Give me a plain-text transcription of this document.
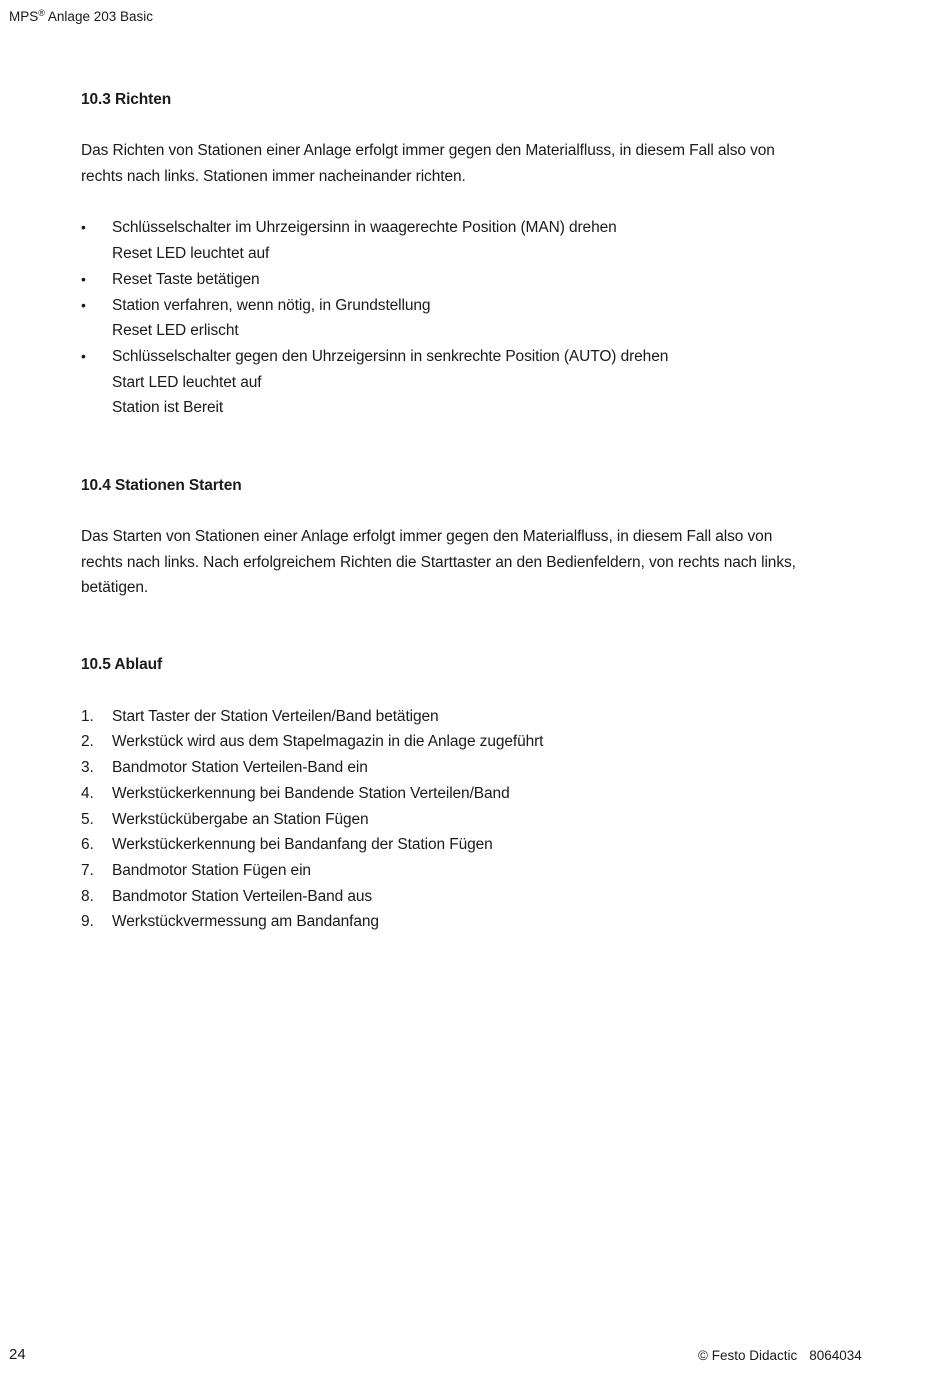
MPS® Anlage 203 Basic
10.3 Richten

Das Richten von Stationen einer Anlage erfolgt immer gegen den Materialfluss, in diesem Fall also von
rechts nach links. Stationen immer nacheinander richten.

•	Schlüsselschalter im Uhrzeigersinn in waagerechte Position (MAN) drehen
Reset LED leuchtet auf
•	Reset Taste betätigen
•	Station verfahren, wenn nötig, in Grundstellung
Reset LED erlischt
•	Schlüsselschalter gegen den Uhrzeigersinn in senkrechte Position (AUTO) drehen
Start LED leuchtet auf
Station ist Bereit
10.4 Stationen Starten

Das Starten von Stationen einer Anlage erfolgt immer gegen den Materialfluss, in diesem Fall also von
rechts nach links. Nach erfolgreichem Richten die Starttaster an den Bedienfeldern, von rechts nach links,
betätigen.

10.5 Ablauf
1.	Start Taster der Station Verteilen/Band betätigen
2.	Werkstück wird aus dem Stapelmagazin in die Anlage zugeführt
3.	Bandmotor Station Verteilen-Band ein
4.	Werkstückerkennung bei Bandende Station Verteilen/Band
5.	Werkstückübergabe an Station Fügen
6.	Werkstückerkennung bei Bandanfang der Station Fügen
7.	Bandmotor Station Fügen ein
8.	Bandmotor Station Verteilen-Band aus
9.	Werkstückvermessung am Bandanfang
24	© Festo Didactic 8064034
